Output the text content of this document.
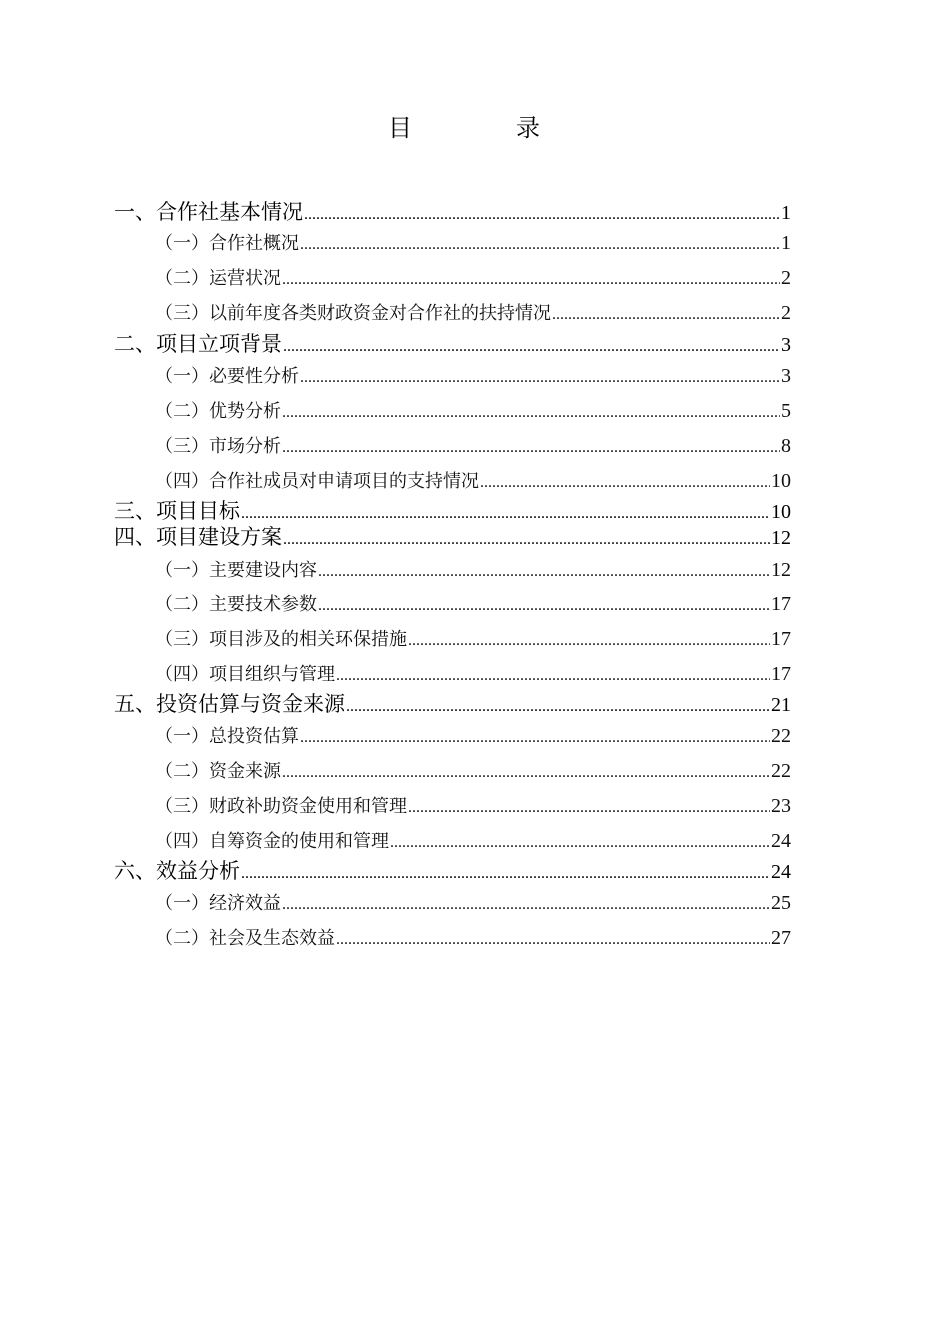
目	录
一、合作社基本情况 .....	1
（一）合作社概况 .....	1
（二）运营状况 .....	2
（三）以前年度各类财政资金对合作社的扶持情况 .....	2
二、项目立项背景 .....	3
（一）必要性分析 .....	3
（二）优势分析 .....	5
（三）市场分析 .....	8
（四）合作社成员对申请项目的支持情况 .....	10
三、项目目标 .....	10
四、项目建设方案 .....	12
（一）主要建设内容 .....	12
（二）主要技术参数 .....	17
（三）项目涉及的相关环保措施 .....	17
（四）项目组织与管理 .....	17
五、投资估算与资金来源 .....	21
（一）总投资估算 .....	22
（二）资金来源 .....	22
（三）财政补助资金使用和管理 .....	23
（四）自筹资金的使用和管理 .....	24
六、效益分析 .....	24
（一）经济效益 .....	25
（二）社会及生态效益 .....	27
